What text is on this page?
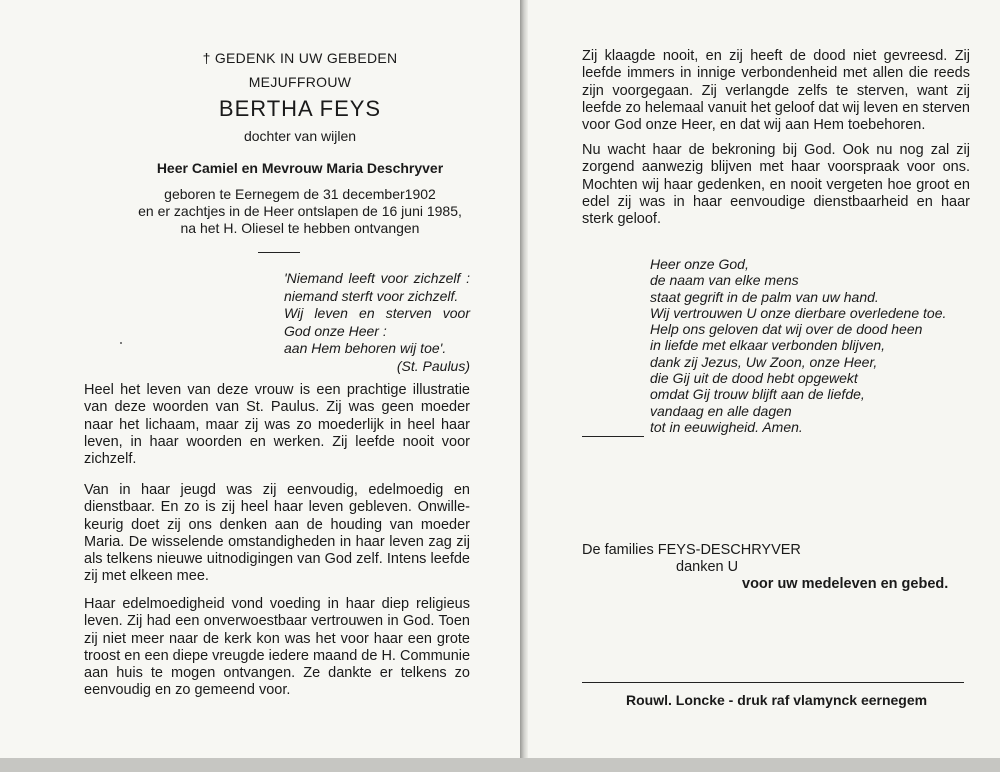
† GEDENK IN UW GEBEDEN
MEJUFFROUW
BERTHA FEYS
dochter van wijlen
Heer Camiel en Mevrouw Maria Deschryver
geboren te Eernegem de 31 december1902
en er zachtjes in de Heer ontslapen de 16 juni 1985,
na het H. Oliesel te hebben ontvangen
'Niemand leeft voor zichzelf :
niemand sterft voor zichzelf.
Wij leven en sterven voor
God onze Heer :
aan Hem behoren wij toe'.
(St. Paulus)
Heel het leven van deze vrouw is een prachtige illustratie
van deze woorden van St. Paulus. Zij was geen moeder
naar het lichaam, maar zij was zo moederlijk in heel haar
leven, in haar woorden en werken. Zij leefde nooit voor
zichzelf.
Van in haar jeugd was zij eenvoudig, edelmoedig en
dienstbaar. En zo is zij heel haar leven gebleven. Onwille-
keurig doet zij ons denken aan de houding van moeder
Maria. De wisselende omstandigheden in haar leven zag zij
als telkens nieuwe uitnodigingen van God zelf. Intens leefde
zij met elkeen mee.
Haar edelmoedigheid vond voeding in haar diep religieus
leven. Zij had een onverwoestbaar vertrouwen in God. Toen
zij niet meer naar de kerk kon was het voor haar een grote
troost en een diepe vreugde iedere maand de H. Communie
aan huis te mogen ontvangen. Ze dankte er telkens zo
eenvoudig en zo gemeend voor.
Zij klaagde nooit, en zij heeft de dood niet gevreesd. Zij
leefde immers in innige verbondenheid met allen die reeds
zijn voorgegaan. Zij verlangde zelfs te sterven, want zij
leefde zo helemaal vanuit het geloof dat wij leven en sterven
voor God onze Heer, en dat wij aan Hem toebehoren.
Nu wacht haar de bekroning bij God. Ook nu nog zal zij
zorgend aanwezig blijven met haar voorspraak voor ons.
Mochten wij haar gedenken, en nooit vergeten hoe groot en
edel zij was in haar eenvoudige dienstbaarheid en haar
sterk geloof.
Heer onze God,
de naam van elke mens
staat gegrift in de palm van uw hand.
Wij vertrouwen U onze dierbare overledene toe.
Help ons geloven dat wij over de dood heen
in liefde met elkaar verbonden blijven,
dank zij Jezus, Uw Zoon, onze Heer,
die Gij uit de dood hebt opgewekt
omdat Gij trouw blijft aan de liefde,
vandaag en alle dagen
tot in eeuwigheid. Amen.
De families FEYS-DESCHRYVER
danken U
voor uw medeleven en gebed.
Rouwl. Loncke - druk raf vlamynck eernegem
